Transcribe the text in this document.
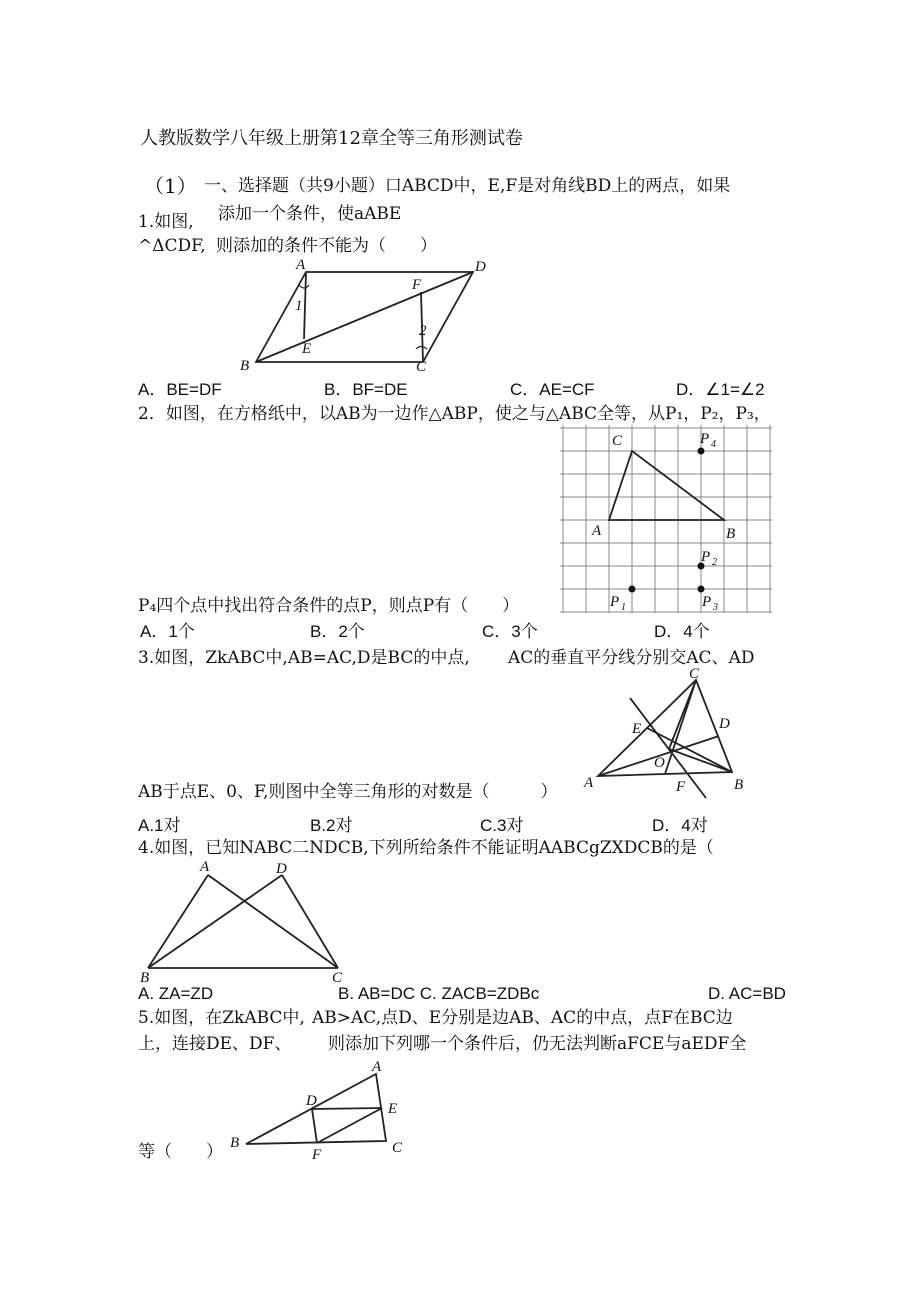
人教版数学八年级上册第12章全等三角形测试卷
（1） 一、选择题（共9小题）口ABCD中，E,F是对角线BD上的两点，如果
添加一个条件，使aABE
1.如图,
^ΔCDF, 则添加的条件不能为（　　）
A	D
F
1
2
B
E
C
A．BE=DF	B．BF=DE	C．AE=CF	D．∠1=∠2
2．如图，在方格纸中，以AB为一边作△ABP，使之与△ABC全等，从P₁，P₂，P₃，
C	P 4
A	B
P 2
P 1	P 3
P₄四个点中找出符合条件的点P，则点P有（　　）
A．1个	B．2个	C．3个	D．4个
3.如图，ZkABC中,AB=AC,D是BC的中点, AC的垂直平分线分别交AC、AD
C
E	D
O
A	F	B
AB于点E、0、F,则图中全等三角形的对数是（　　　）
A.1对	B.2对	C.3对	D．4对
4.如图，已知NABC二NDCB,下列所给条件不能证明AABCgZXDCB的是（
A	D
B	C
A. ZA=ZD	B. AB=DC C. ZACB=ZDBc	D. AC=BD
5.如图，在ZkABC中, AB>AC,点D、E分别是边AB、AC的中点，点F在BC边
上，连接DE、DF、 则添加下列哪一个条件后，仍无法判断aFCE与aEDF全
A
D	E
B
F	C
等（　　）
